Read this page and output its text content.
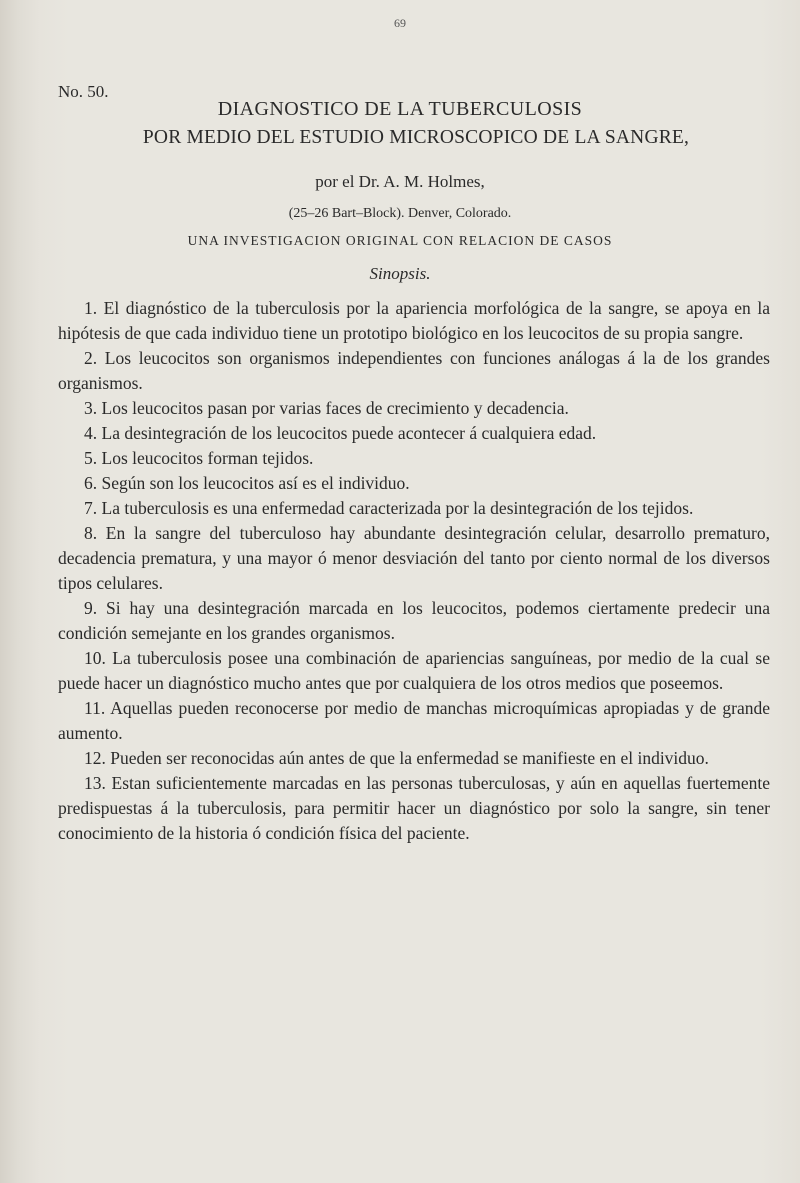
69
No. 50.
DIAGNOSTICO DE LA TUBERCULOSIS
POR MEDIO DEL ESTUDIO MICROSCOPICO DE LA SANGRE,
por el Dr. A. M. Holmes,
(25–26 Bart–Block). Denver, Colorado.
UNA INVESTIGACION ORIGINAL CON RELACION DE CASOS
Sinopsis.

1. El diagnóstico de la tuberculosis por la apariencia morfológica de la sangre, se apoya en la hipótesis de que cada individuo tiene un prototipo biológico en los leucocitos de su propia sangre.

2. Los leucocitos son organismos independientes con funciones análogas á la de los grandes organismos.

3. Los leucocitos pasan por varias faces de crecimiento y decadencia.

4. La desintegración de los leucocitos puede acontecer á cualquiera edad.

5. Los leucocitos forman tejidos.

6. Según son los leucocitos así es el individuo.

7. La tuberculosis es una enfermedad caracterizada por la desintegración de los tejidos.

8. En la sangre del tuberculoso hay abundante desintegración celular, desarrollo prematuro, decadencia prematura, y una mayor ó menor desviación del tanto por ciento normal de los diversos tipos celulares.

9. Si hay una desintegración marcada en los leucocitos, podemos ciertamente predecir una condición semejante en los grandes organismos.

10. La tuberculosis posee una combinación de apariencias sanguíneas, por medio de la cual se puede hacer un diagnóstico mucho antes que por cualquiera de los otros medios que poseemos.

11. Aquellas pueden reconocerse por medio de manchas microquímicas apropiadas y de grande aumento.

12. Pueden ser reconocidas aún antes de que la enfermedad se manifieste en el individuo.

13. Estan suficientemente marcadas en las personas tuberculosas, y aún en aquellas fuertemente predispuestas á la tuberculosis, para permitir hacer un diagnóstico por solo la sangre, sin tener conocimiento de la historia ó condición física del paciente.
